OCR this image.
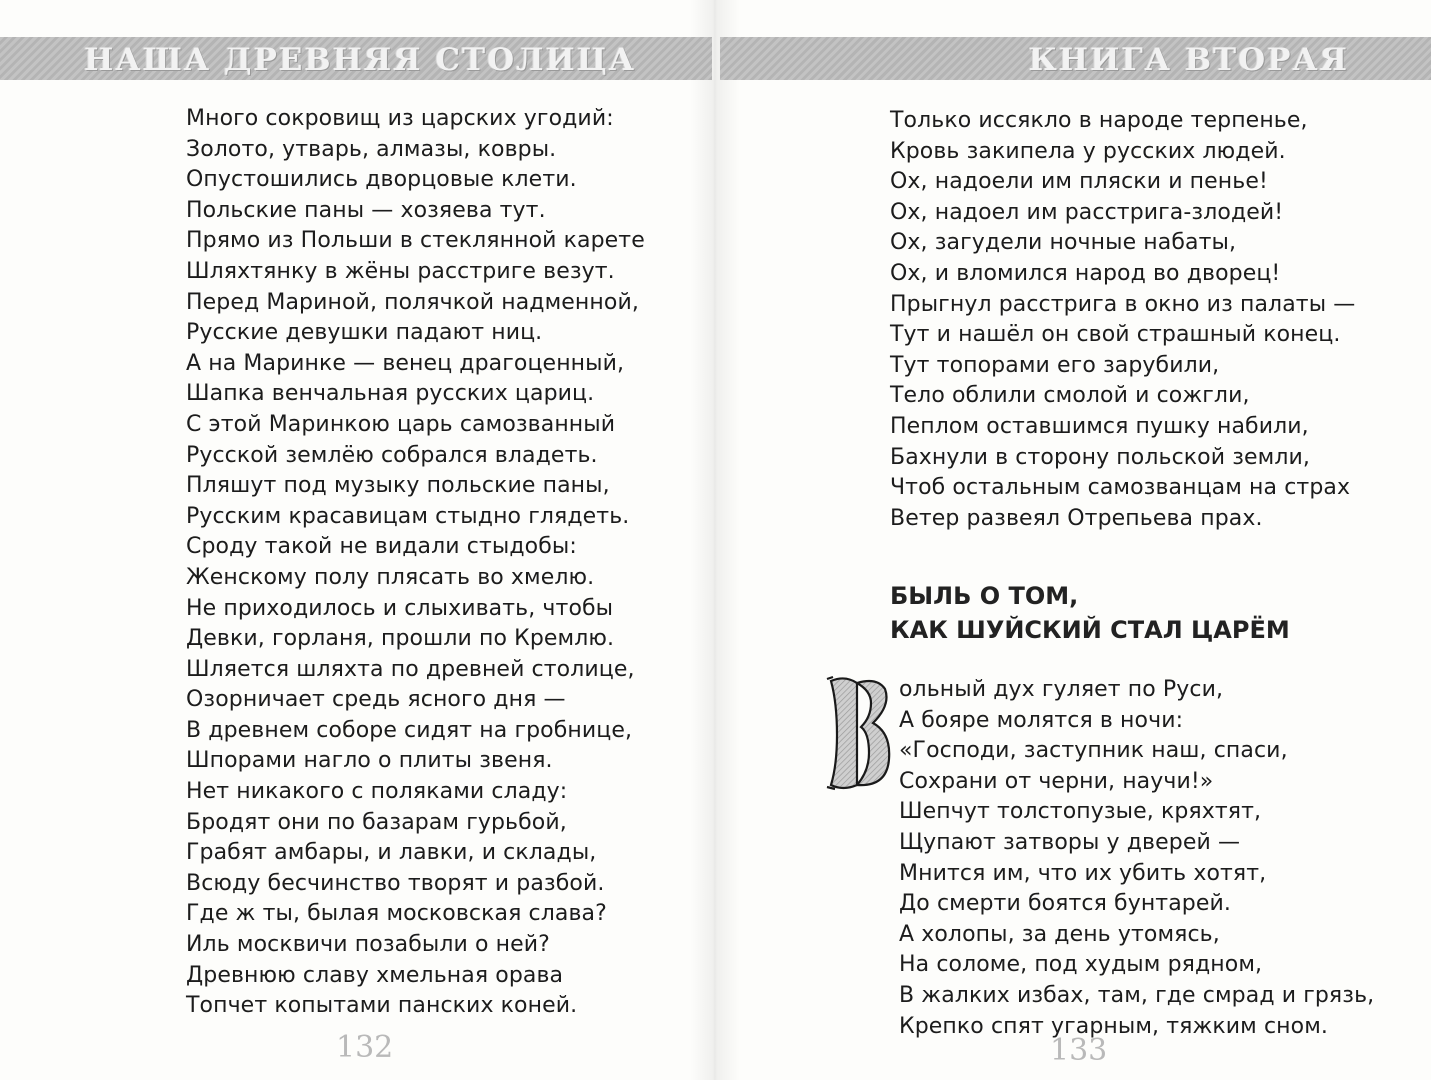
НАША ДРЕВНЯЯ СТОЛИЦА	КНИГА ВТОРАЯ
Много сокровищ из царских угодий:
Золото, утварь, алмазы, ковры.
Опустошились дворцовые клети.
Польские паны — хозяева тут.
Прямо из Польши в стеклянной карете
Шляхтянку в жёны расстриге везут.
Перед Мариной, полячкой надменной,
Русские девушки падают ниц.
А на Маринке — венец драгоценный,
Шапка венчальная русских цариц.
С этой Маринкою царь самозванный
Русской землёю собрался владеть.
Пляшут под музыку польские паны,
Русским красавицам стыдно глядеть.
Сроду такой не видали стыдобы:
Женскому полу плясать во хмелю.
Не приходилось и слыхивать, чтобы
Девки, горланя, прошли по Кремлю.
Шляется шляхта по древней столице,
Озорничает средь ясного дня —
В древнем соборе сидят на гробнице,
Шпорами нагло о плиты звеня.
Нет никакого с поляками сладу:
Бродят они по базарам гурьбой,
Грабят амбары, и лавки, и склады,
Всюду бесчинство творят и разбой.
Где ж ты, былая московская слава?
Иль москвичи позабыли о ней?
Древнюю славу хмельная орава
Топчет копытами панских коней.
132
Только иссякло в народе терпенье,
Кровь закипела у русских людей.
Ох, надоели им пляски и пенье!
Ох, надоел им расстрига-злодей!
Ох, загудели ночные набаты,
Ох, и вломился народ во дворец!
Прыгнул расстрига в окно из палаты —
Тут и нашёл он свой страшный конец.
Тут топорами его зарубили,
Тело облили смолой и сожгли,
Пеплом оставшимся пушку набили,
Бахнули в сторону польской земли,
Чтоб остальным самозванцам на страх
Ветер развеял Отрепьева прах.
БЫЛЬ О ТОМ,
КАК ШУЙСКИЙ СТАЛ ЦАРЁМ
ольный дух гуляет по Руси,
А бояре молятся в ночи:
«Господи, заступник наш, спаси,
Сохрани от черни, научи!»
Шепчут толстопузые, кряхтят,
Щупают затворы у дверей —
Мнится им, что их убить хотят,
До смерти боятся бунтарей.
А холопы, за день утомясь,
На соломе, под худым рядном,
В жалких избах, там, где смрад и грязь,
Крепко спят угарным, тяжким сном.
133
